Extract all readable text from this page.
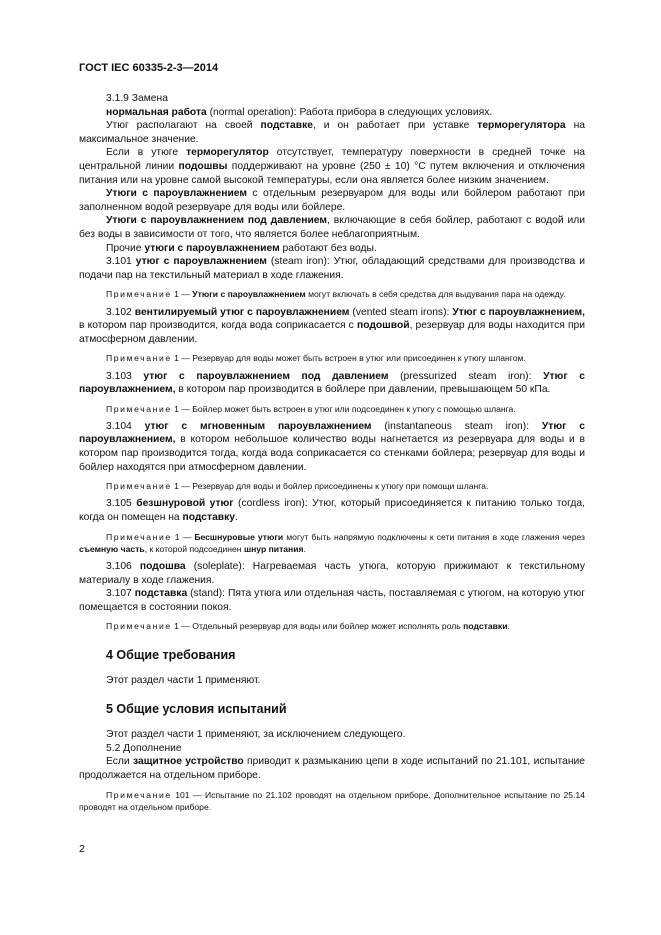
ГОСТ IEC 60335-2-3—2014

3.1.9 Замена

нормальная работа (normal operation): Работа прибора в следующих условиях.

Утюг располагают на своей подставке, и он работает при уставке терморегулятора на максимальное значение.

Если в утюге терморегулятор отсутствует, температуру поверхности в средней точке на центральной линии подошвы поддерживают на уровне (250 ± 10) °С путем включения и отключения питания или на уровне самой высокой температуры, если она является более низким значением.

Утюги с пароувлажнением с отдельным резервуаром для воды или бойлером работают при заполненном водой резервуаре для воды или бойлере.

Утюги с пароувлажнением под давлением, включающие в себя бойлер, работают с водой или без воды в зависимости от того, что является более неблагоприятным.

Прочие утюги с пароувлажнением работают без воды.

3.101 утюг с пароувлажнением (steam iron): Утюг, обладающий средствами для производства и подачи пар на текстильный материал в ходе глажения.

Примечание 1 — Утюги с пароувлажнением могут включать в себя средства для выдувания пара на одежду.

3.102 вентилируемый утюг с пароувлажнением (vented steam irons): Утюг с пароувлажнением, в котором пар производится, когда вода соприкасается с подошвой, резервуар для воды находится при атмосферном давлении.

Примечание 1 — Резервуар для воды может быть встроен в утюг или присоединен к утюгу шлангом.

3.103 утюг с пароувлажнением под давлением (pressurized steam iron): Утюг с пароувлажнением, в котором пар производится в бойлере при давлении, превышающем 50 кПа.

Примечание 1 — Бойлер может быть встроен в утюг или подсоединен к утюгу с помощью шланга.

3.104 утюг с мгновенным пароувлажнением (instantaneous steam iron): Утюг с пароувлажнением, в котором небольшое количество воды нагнетается из резервуара для воды и в котором пар производится тогда, когда вода соприкасается со стенками бойлера; резервуар для воды и бойлер находятся при атмосферном давлении.

Примечание 1 — Резервуар для воды и бойлер присоединены к утюгу при помощи шланга.

3.105 безшнуровой утюг (cordless iron): Утюг, который присоединяется к питанию только тогда, когда он помещен на подставку.

Примечание 1 — Бесшнуровые утюги могут быть напрямую подключены к сети питания в ходе глажения через съемную часть, к которой подсоединен шнур питания.

3.106 подошва (soleplate): Нагреваемая часть утюга, которую прижимают к текстильному материалу в ходе глажения.

3.107 подставка (stand): Пята утюга или отдельная часть, поставляемая с утюгом, на которую утюг помещается в состоянии покоя.

Примечание 1 — Отдельный резервуар для воды или бойлер может исполнять роль подставки.

4 Общие требования

Этот раздел части 1 применяют.

5 Общие условия испытаний

Этот раздел части 1 применяют, за исключением следующего.

5.2 Дополнение

Если защитное устройство приводит к размыканию цепи в ходе испытаний по 21.101, испытание продолжается на отдельном приборе.

Примечание 101 — Испытание по 21.102 проводят на отдельном приборе. Дополнительное испытание по 25.14 проводят на отдельном приборе.

2
